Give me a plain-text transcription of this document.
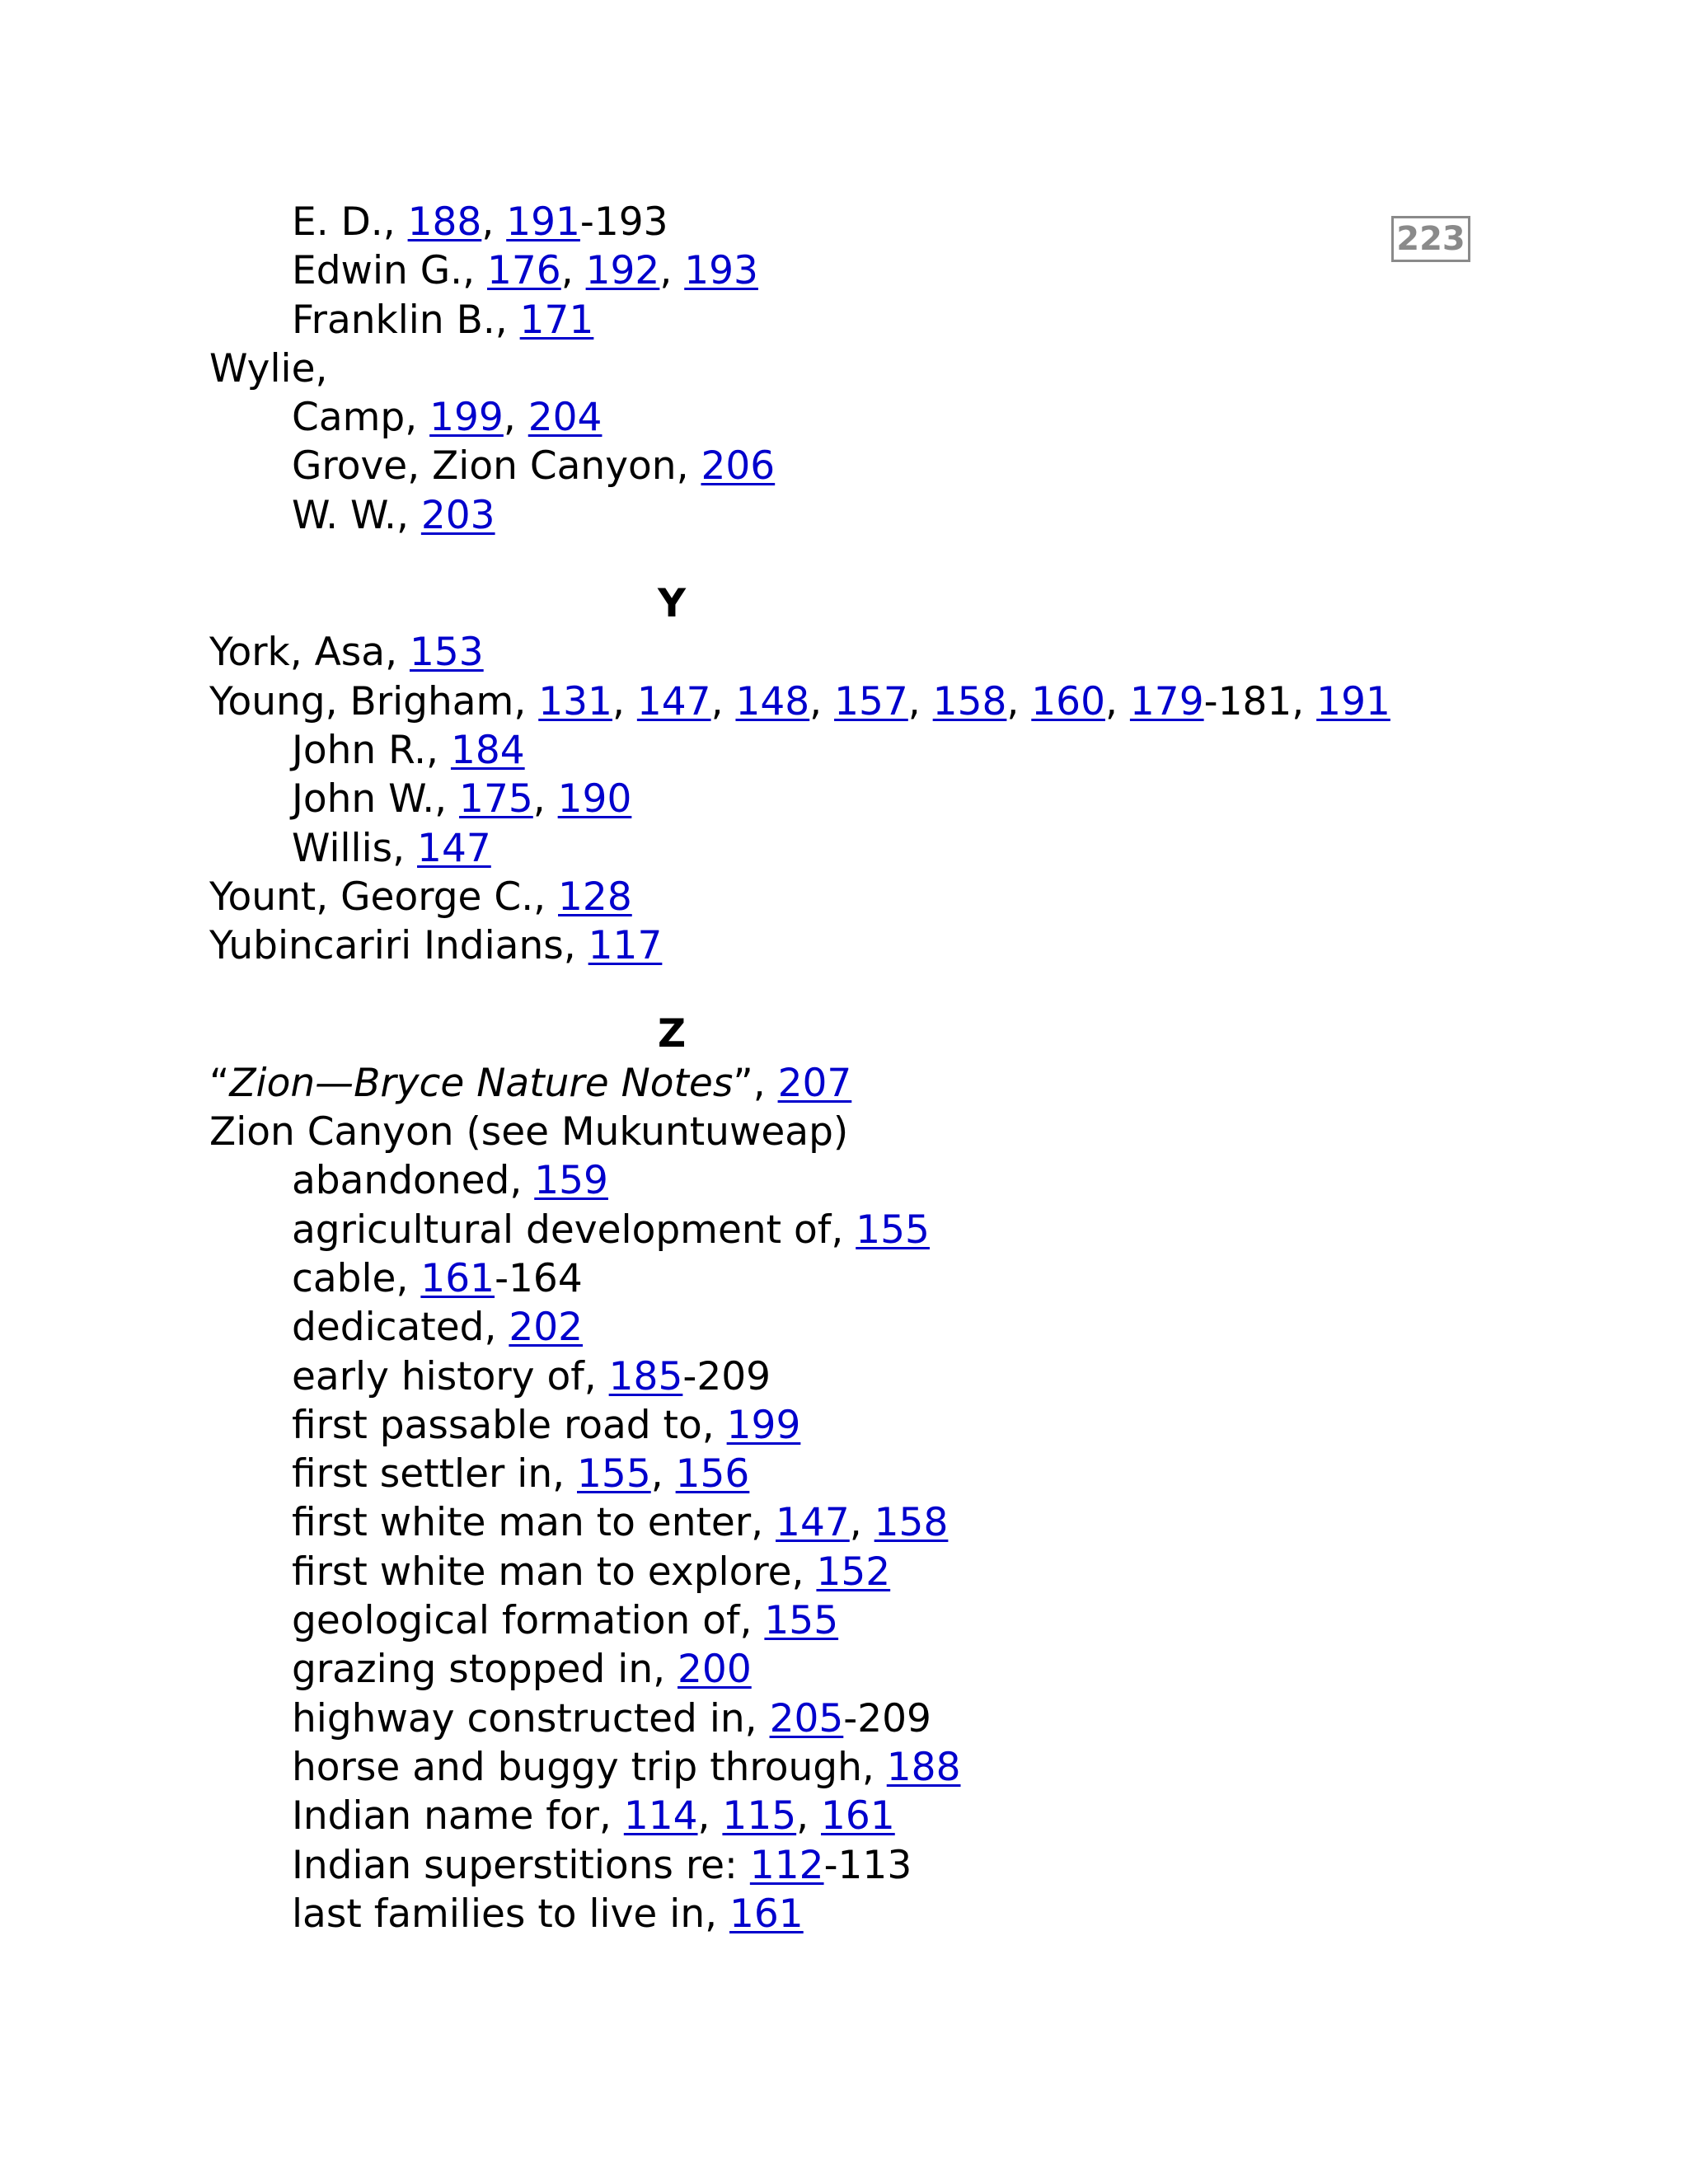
223
E. D., 188, 191-193
Edwin G., 176, 192, 193
Franklin B., 171
Wylie,
Camp, 199, 204
Grove, Zion Canyon, 206
W. W., 203
Y
York, Asa, 153
Young, Brigham, 131, 147, 148, 157, 158, 160, 179-181, 191
John R., 184
John W., 175, 190
Willis, 147
Yount, George C., 128
Yubincariri Indians, 117
Z
“Zion—Bryce Nature Notes”, 207
Zion Canyon (see Mukuntuweap)
abandoned, 159
agricultural development of, 155
cable, 161-164
dedicated, 202
early history of, 185-209
first passable road to, 199
first settler in, 155, 156
first white man to enter, 147, 158
first white man to explore, 152
geological formation of, 155
grazing stopped in, 200
highway constructed in, 205-209
horse and buggy trip through, 188
Indian name for, 114, 115, 161
Indian superstitions re: 112-113
last families to live in, 161
